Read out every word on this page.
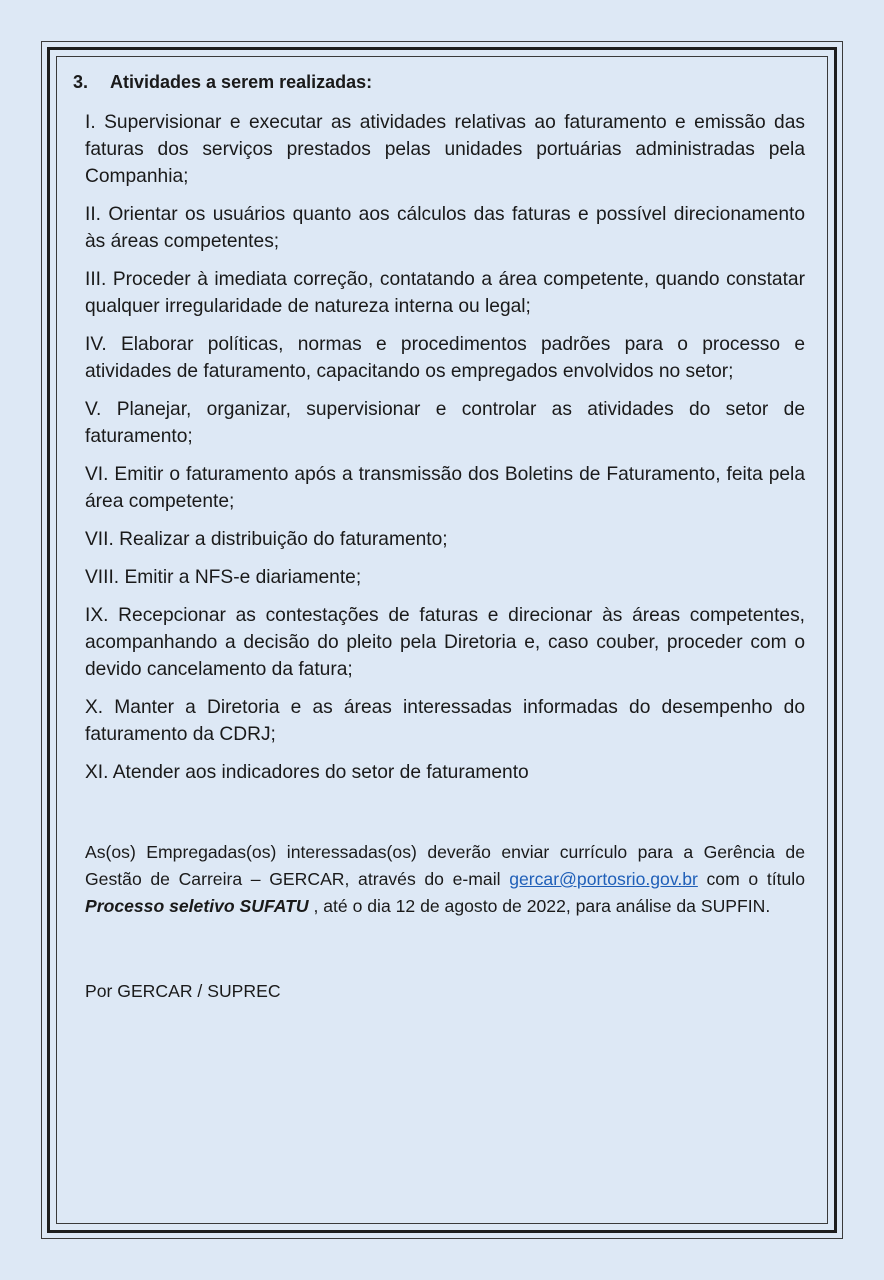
3. Atividades a serem realizadas:

I. Supervisionar e executar as atividades relativas ao faturamento e emissão das faturas dos serviços prestados pelas unidades portuárias administradas pela Companhia;

II. Orientar os usuários quanto aos cálculos das faturas e possível direcionamento às áreas competentes;

III. Proceder à imediata correção, contatando a área competente, quando constatar qualquer irregularidade de natureza interna ou legal;

IV. Elaborar políticas, normas e procedimentos padrões para o processo e atividades de faturamento, capacitando os empregados envolvidos no setor;

V. Planejar, organizar, supervisionar e controlar as atividades do setor de faturamento;

VI. Emitir o faturamento após a transmissão dos Boletins de Faturamento, feita pela área competente;

VII. Realizar a distribuição do faturamento;

VIII. Emitir a NFS-e diariamente;

IX. Recepcionar as contestações de faturas e direcionar às áreas competentes, acompanhando a decisão do pleito pela Diretoria e, caso couber, proceder com o devido cancelamento da fatura;

X. Manter a Diretoria e as áreas interessadas informadas do desempenho do faturamento da CDRJ;

XI. Atender aos indicadores do setor de faturamento

As(os) Empregadas(os) interessadas(os) deverão enviar currículo para a Gerência de Gestão de Carreira – GERCAR, através do e-mail gercar@portosrio.gov.br com o título Processo seletivo SUFATU , até o dia 12 de agosto de 2022, para análise da SUPFIN.

Por GERCAR / SUPREC
